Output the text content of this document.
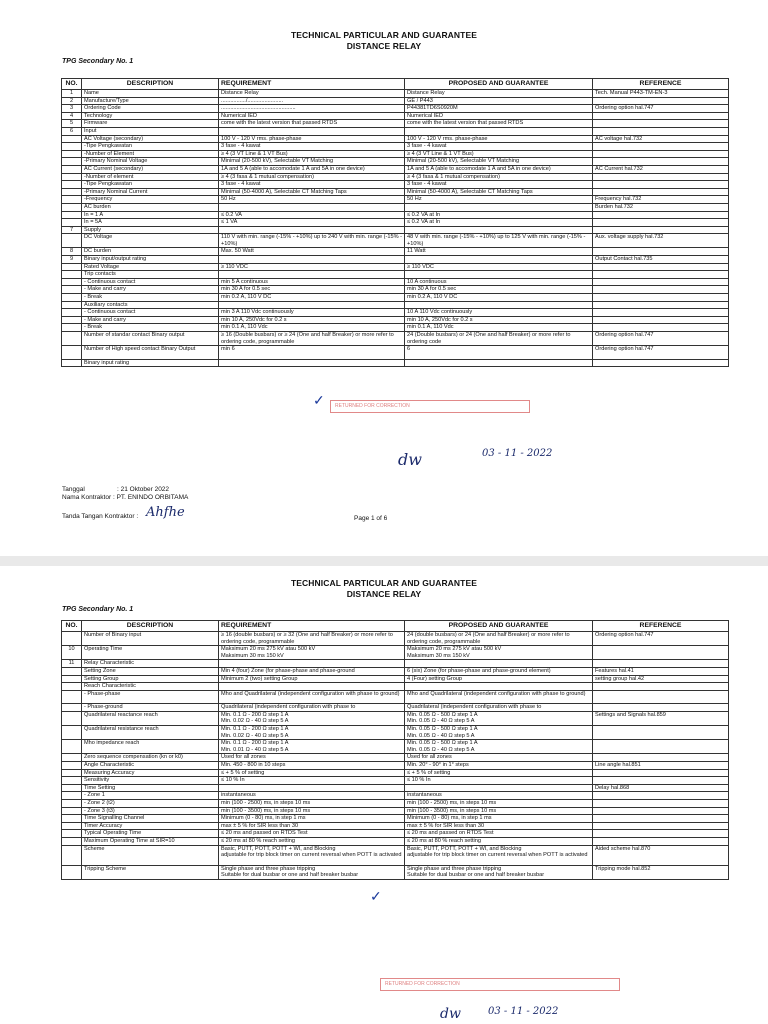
TECHNICAL PARTICULAR AND GUARANTEE
DISTANCE RELAY
TPG Secondary No. 1
NO.	DESCRIPTION	REQUIREMENT	PROPOSED AND GUARANTEE	REFERENCE
1	Name	Distance Relay	Distance Relay	Tech. Manual P443-TM-EN-3
2	Manufacture/Type	................/.......................	GE / P443	
3	Ordering Code	................................................	P44381TD6S0920M	Ordering option hal.747
4	Technology	Numerical IED	Numerical IED	
5	Firmware	come with the latest version that passed RTDS	come with the latest version that passed RTDS	
6	Input			
	AC Voltage (secondary)	100 V - 120 V rms. phase-phase	100 V - 120 V rms. phase-phase	AC voltage hal.732
	-Tipe Pengkawatan	3 fase - 4 kawat	3 fase - 4 kawat	
	-Number of Element	≥ 4 (3 VT Line & 1 VT Bus)	≥ 4 (3 VT Line & 1 VT Bus)	
	-Primary Nominal Voltage	Minimal (20-500 kV), Selectable VT Matching	Minimal (20-500 kV), Selectable VT Matching	
	AC Current (secondary)	1A and 5 A (able to accomodate 1 A and 5A in one device)	1A and 5 A (able to accomodate 1 A and 5A in one device)	AC Current hal.732
	-Number of element	≥ 4 (3 fasa & 1 mutual compensation)	≥ 4 (3 fasa & 1 mutual compensation)	
	-Tipe Pengkawatan	3 fase - 4 kawat	3 fase - 4 kawat	
	-Primary Nominal Current	Minimal (50-4000 A), Selectable CT Matching Taps	Minimal (50-4000 A), Selectable CT Matching Taps	
	-Frequency	50 Hz	50 Hz	Frequency hal.732
	AC burden			Burden hal.732
	In = 1 A	≤ 0.2 VA	≤ 0.2 VA at In	
	In = 5A	≤ 1 VA	≤ 0.2 VA at In	
7	Supply			
	DC Voltage	110 V with min. range (-15% - +10%) up to 240 V with min. range (-15% - +10%)	48 V with min. range (-15% - +10%) up to 125 V with min. range (-15% - +10%)	Aux. voltage supply hal.732
8	DC burden	Max. 50 Watt	11 Watt	
9	Binary input/output rating			Output Contact hal.735
	Rated Voltage	≥ 110 VDC	≥ 110 VDC	
	Trip contacts			
	- Continuous contact	min 5 A continuous	10 A continuous	
	- Make and carry	min 30 A for 0.5 sec	min 30 A for 0.5 sec	
	- Break	min 0.2 A, 110 V DC	min 0.2 A, 110 V DC	
	Auxiliary contacts			
	- Continuous contact	min 3 A 110 Vdc continuously	10 A 110 Vdc continuously	
	- Make and carry	min 10 A, 250Vdc for 0.2 s	min 10 A, 250Vdc for 0.2 s	
	- Break	min 0.1 A, 110 Vdc	min 0.1 A, 110 Vdc	
	Number of standar contact Binary output	≥ 16 (Double busbars) or ≥ 24 (One and half Breaker) or more refer to ordering code, programmable	24 (Double busbars) or 24 (One and half Breaker) or more refer to ordering code	Ordering option hal.747
	Number of High speed contact Binary Output	min 6	6	Ordering option hal.747
	Binary input rating			
RETURNED FOR CORRECTION
✓
dw	03 - 11 - 2022
Tanggal	: 21 Oktober 2022
Nama Kontraktor : PT. ENINDO ORBITAMA
Tanda Tangan Kontraktor : Ahfhe	Page 1 of 6
TECHNICAL PARTICULAR AND GUARANTEE
DISTANCE RELAY
TPG Secondary No. 1
NO.	DESCRIPTION	REQUIREMENT	PROPOSED AND GUARANTEE	REFERENCE
	Number of Binary input	≥ 16 (double busbars) or ≥ 32 (One and half Breaker) or more refer to ordering code, programmable	24 (double busbars) or 24 (One and half Breaker) or more refer to ordering code, programmable	Ordering option hal.747
10	Operating Time	Maksimum 20 ms 275 kV atau 500 kV
Maksimum 30 ms 150 kV	Maksimum 20 ms 275 kV atau 500 kV
Maksimum 30 ms 150 kV	
11	Relay Characteristic			
	Setting Zone	Min 4 (four) Zone (for phase-phase and phase-ground	6 (six) Zone (for phase-phase and phase-ground element)	Features hal.41
	Setting Group	Minimum 2 (two) setting Group	4 (Four) setting Group	setting group hal.42
	Reach Characteristic			
	- Phase-phase	Mho and Quadrilateral (independent configuration with phase to ground)	Mho and Quadrilateral (independent configuration with phase to ground)	
	- Phase-ground	Quadrilateral (independent configuration with phase to	Quadrilateral (independent configuration with phase to	
	Quadrilateral reactance reach	Min. 0.1 Ω - 200 Ω step 1 A
Min. 0.02 Ω - 40 Ω step 5 A	Min. 0.05 Ω - 500 Ω step 1 A
Min. 0.05 Ω - 40 Ω step 5 A	Settings and Signals hal.859
	Quadrilateral resistance reach	Min. 0.1 Ω - 200 Ω step 1 A
Min. 0.02 Ω - 40 Ω step 5 A	Min. 0.05 Ω - 500 Ω step 1 A
Min. 0.05 Ω - 40 Ω step 5 A	
	Mho impedance reach	Min. 0.1 Ω - 200 Ω step 1 A
Min. 0.01 Ω - 40 Ω step 5 A	Min. 0.05 Ω - 500 Ω step 1 A
Min. 0.05 Ω - 40 Ω step 5 A	
	Zero sequence compensation (kn or k0)	Used for all zones	Used for all zones	
	Angle Characteristic	Min. 450 - 800 in 10 steps	Min. 20° - 90° in 1° steps	Line angle hal.851
	Measuring Accuracy	≤ + 5 % of setting	≤ + 5 % of setting	
	Sensitivity	≤ 10 % In	≤ 10 % In	
	Time Setting			Delay hal.868
	- Zone 1	instantaneous	instantaneous	
	- Zone 2 (t2)	min (100 - 2500) ms, in steps 10 ms	min (100 - 2500) ms, in steps 10 ms	
	- Zone 3 (t3)	min (100 - 3500) ms, in steps 10 ms	min (100 - 3500) ms, in steps 10 ms	
	Time Signalling Channel	Minimum (0 - 80) ms, in step 1 ms	Minimum (0 - 80) ms, in step 1 ms	
	Timer Accuracy	max ± 5 % for SIR less than 30	max ± 5 % for SIR less than 30	
	Typical Operating Time	≤ 20 ms and passed on RTDS Test	≤ 20 ms and passed on RTDS Test	
	Maximum Operating Time at SIR=10	≤ 20 ms at 80 % reach setting	≤ 20 ms at 80 % reach setting	
	Scheme	Basic, PUTT, POTT, POTT + WI, and Blocking
adjustable for trip block timer on current reversal when POTT is activated	Basic, PUTT, POTT, POTT + WI, and Blocking
adjustable for trip block timer on current reversal when POTT is activated	Aided scheme hal.870
	Tripping Scheme	Single phase and three phase tripping
Suitable for dual busbar or one and half breaker busbar	Single phase and three phase tripping
Suitable for dual busbar or one and half breaker busbar	Tripping mode hal.852
RETURNED FOR CORRECTION
✓
dw	03 - 11 - 2022
